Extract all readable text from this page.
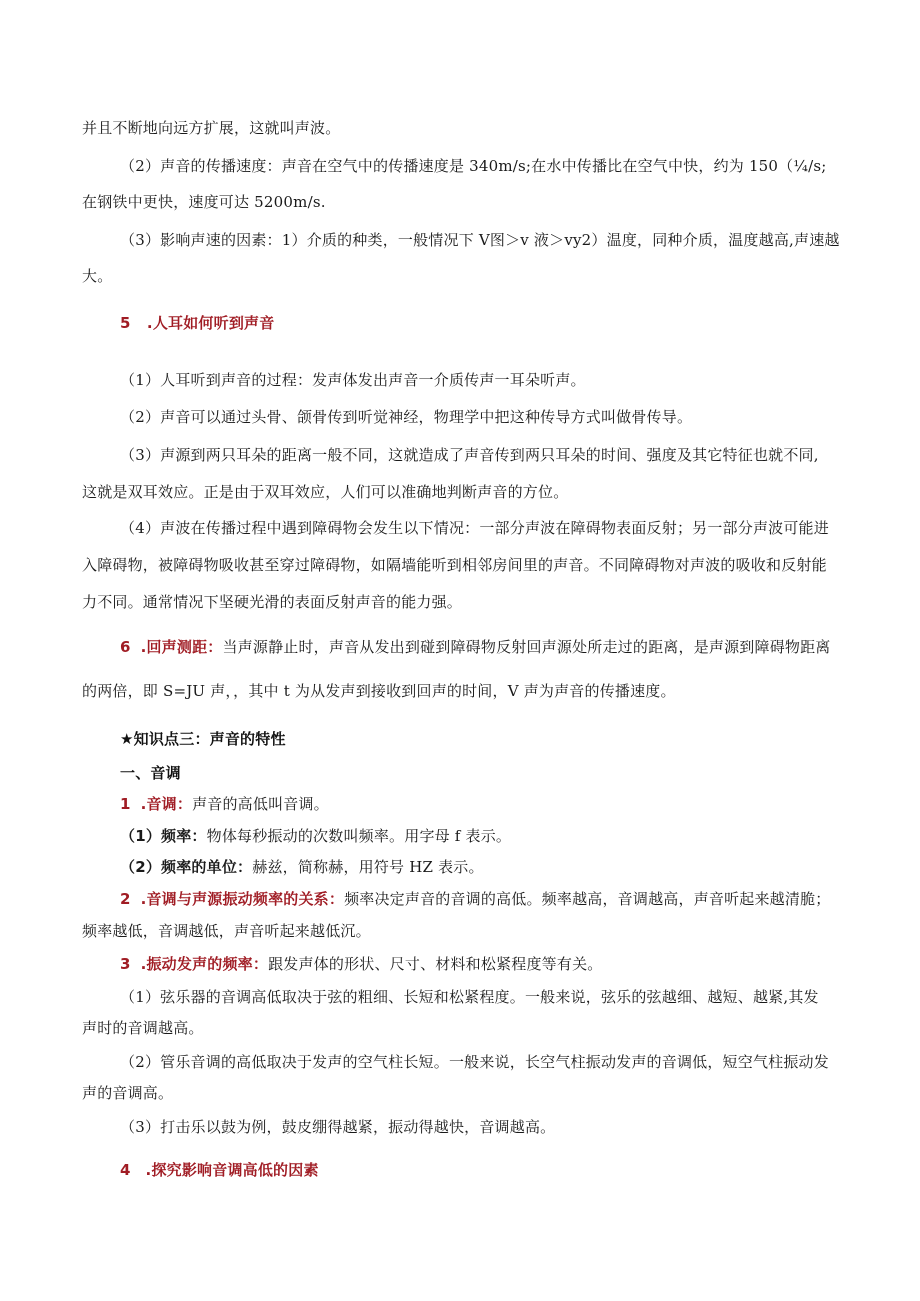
并且不断地向远方扩展，这就叫声波。
（2）声音的传播速度：声音在空气中的传播速度是 340m/s;在水中传播比在空气中快，约为 150（¼/s;
在钢铁中更快，速度可达 5200m/s.
（3）影响声速的因素：1）介质的种类，一般情况下 V图＞v 液＞vy2）温度，同种介质，温度越高,声速越
大。
5 .人耳如何听到声音
（1）人耳听到声音的过程：发声体发出声音一介质传声一耳朵听声。
（2）声音可以通过头骨、颌骨传到听觉神经，物理学中把这种传导方式叫做骨传导。
（3）声源到两只耳朵的距离一般不同，这就造成了声音传到两只耳朵的时间、强度及其它特征也就不同,
这就是双耳效应。正是由于双耳效应，人们可以准确地判断声音的方位。
（4）声波在传播过程中遇到障碍物会发生以下情况：一部分声波在障碍物表面反射；另一部分声波可能进
入障碍物，被障碍物吸收甚至穿过障碍物，如隔墙能听到相邻房间里的声音。不同障碍物对声波的吸收和反射能
力不同。通常情况下坚硬光滑的表面反射声音的能力强。
6 .回声测距：当声源静止时，声音从发出到碰到障碍物反射回声源处所走过的距离，是声源到障碍物距离
的两倍，即 S=JU 声，，其中 t 为从发声到接收到回声的时间，V 声为声音的传播速度。
★知识点三：声音的特性
一、音调
1 .音调：声音的高低叫音调。
（1）频率：物体每秒振动的次数叫频率。用字母 f 表示。
（2）频率的单位：赫兹，简称赫，用符号 HZ 表示。
2 .音调与声源振动频率的关系：频率决定声音的音调的高低。频率越高，音调越高，声音听起来越清脆；
频率越低，音调越低，声音听起来越低沉。
3 .振动发声的频率：跟发声体的形状、尺寸、材料和松紧程度等有关。
（1）弦乐器的音调高低取决于弦的粗细、长短和松紧程度。一般来说，弦乐的弦越细、越短、越紧,其发
声时的音调越高。
（2）管乐音调的高低取决于发声的空气柱长短。一般来说，长空气柱振动发声的音调低，短空气柱振动发
声的音调高。
（3）打击乐以鼓为例，鼓皮绷得越紧，振动得越快，音调越高。
4 .探究影响音调高低的因素
